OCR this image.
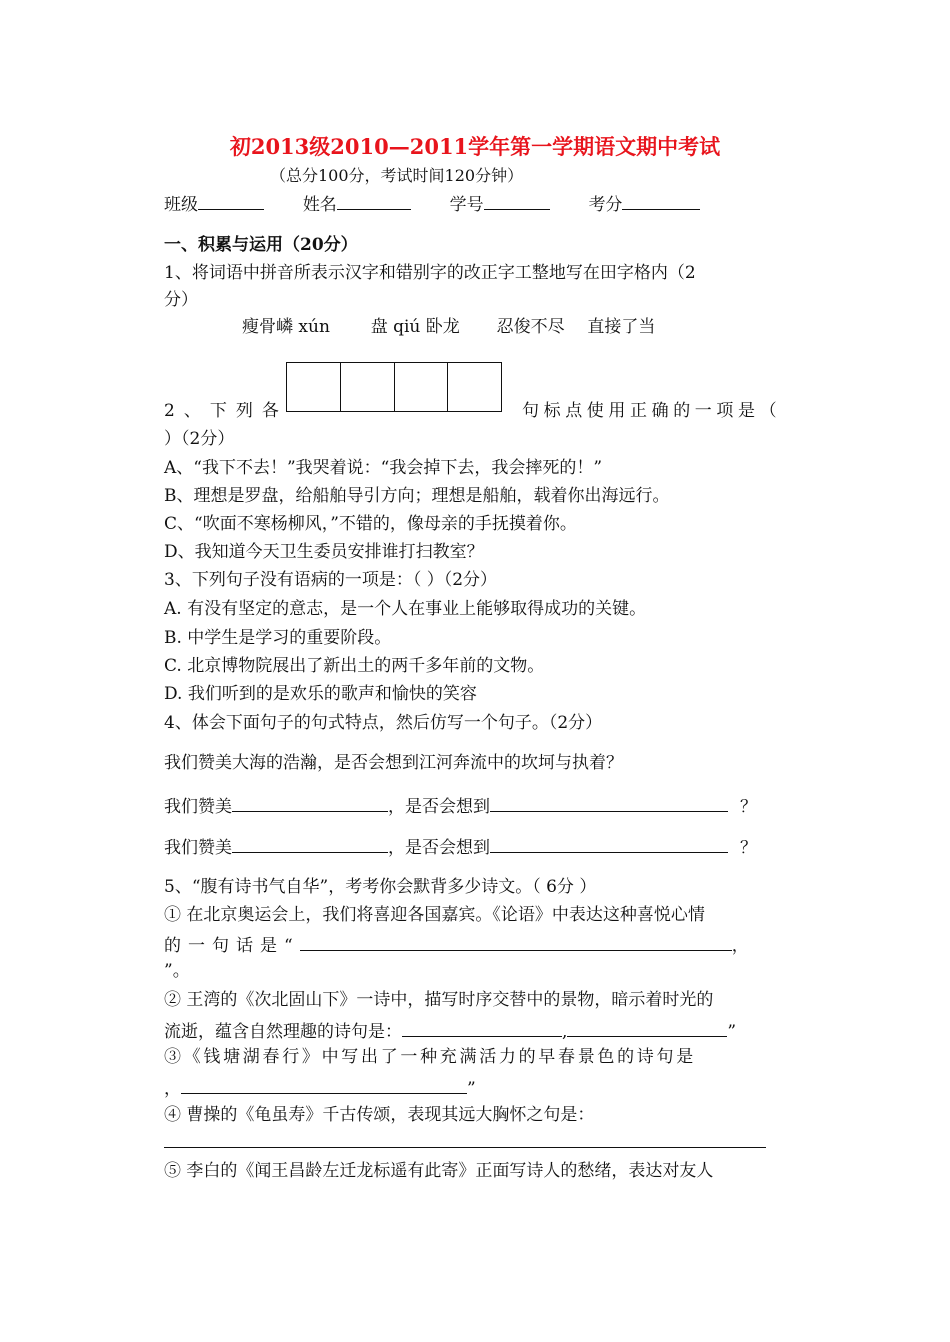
初2013级2010—2011学年第一学期语文期中考试
（总分100分，考试时间120分钟）
班级	姓名	学号	考分
一、积累与运用（20分）
1、将词语中拼音所表示汉字和错别字的改正字工整地写在田字格内（2
分）
瘦骨嶙 xún 盘 qiú 卧龙 忍俊不尽 直接了当
2、下列各	句标点使用正确的一项是（
）（2分）
A、“我下不去！”我哭着说：“我会掉下去，我会摔死的！”
B、理想是罗盘，给船舶导引方向；理想是船舶，载着你出海远行。
C、“吹面不寒杨柳风，”不错的，像母亲的手抚摸着你。
D、我知道今天卫生委员安排谁打扫教室？
3、下列句子没有语病的一项是：（ ）（2分）
A. 有没有坚定的意志，是一个人在事业上能够取得成功的关键。
B. 中学生是学习的重要阶段。
C. 北京博物院展出了新出土的两千多年前的文物。
D. 我们听到的是欢乐的歌声和愉快的笑容
4、体会下面句子的句式特点，然后仿写一个句子。（2分）
我们赞美大海的浩瀚，是否会想到江河奔流中的坎坷与执着？
我们赞美	，是否会想到	？
我们赞美	，是否会想到	？
5、“腹有诗书气自华”，考考你会默背多少诗文。（ 6分 ）
① 在北京奥运会上，我们将喜迎各国嘉宾。《论语》中表达这种喜悦心情
的一句话是“	，
”。
② 王湾的《次北固山下》一诗中，描写时序交替中的景物，暗示着时光的
流逝，蕴含自然理趣的诗句是：	,	”
③《钱塘湖春行》中写出了一种充满活力的早春景色的诗句是
，	”
④ 曹操的《龟虽寿》千古传颂，表现其远大胸怀之句是：
⑤ 李白的《闻王昌龄左迁龙标遥有此寄》正面写诗人的愁绪，表达对友人
